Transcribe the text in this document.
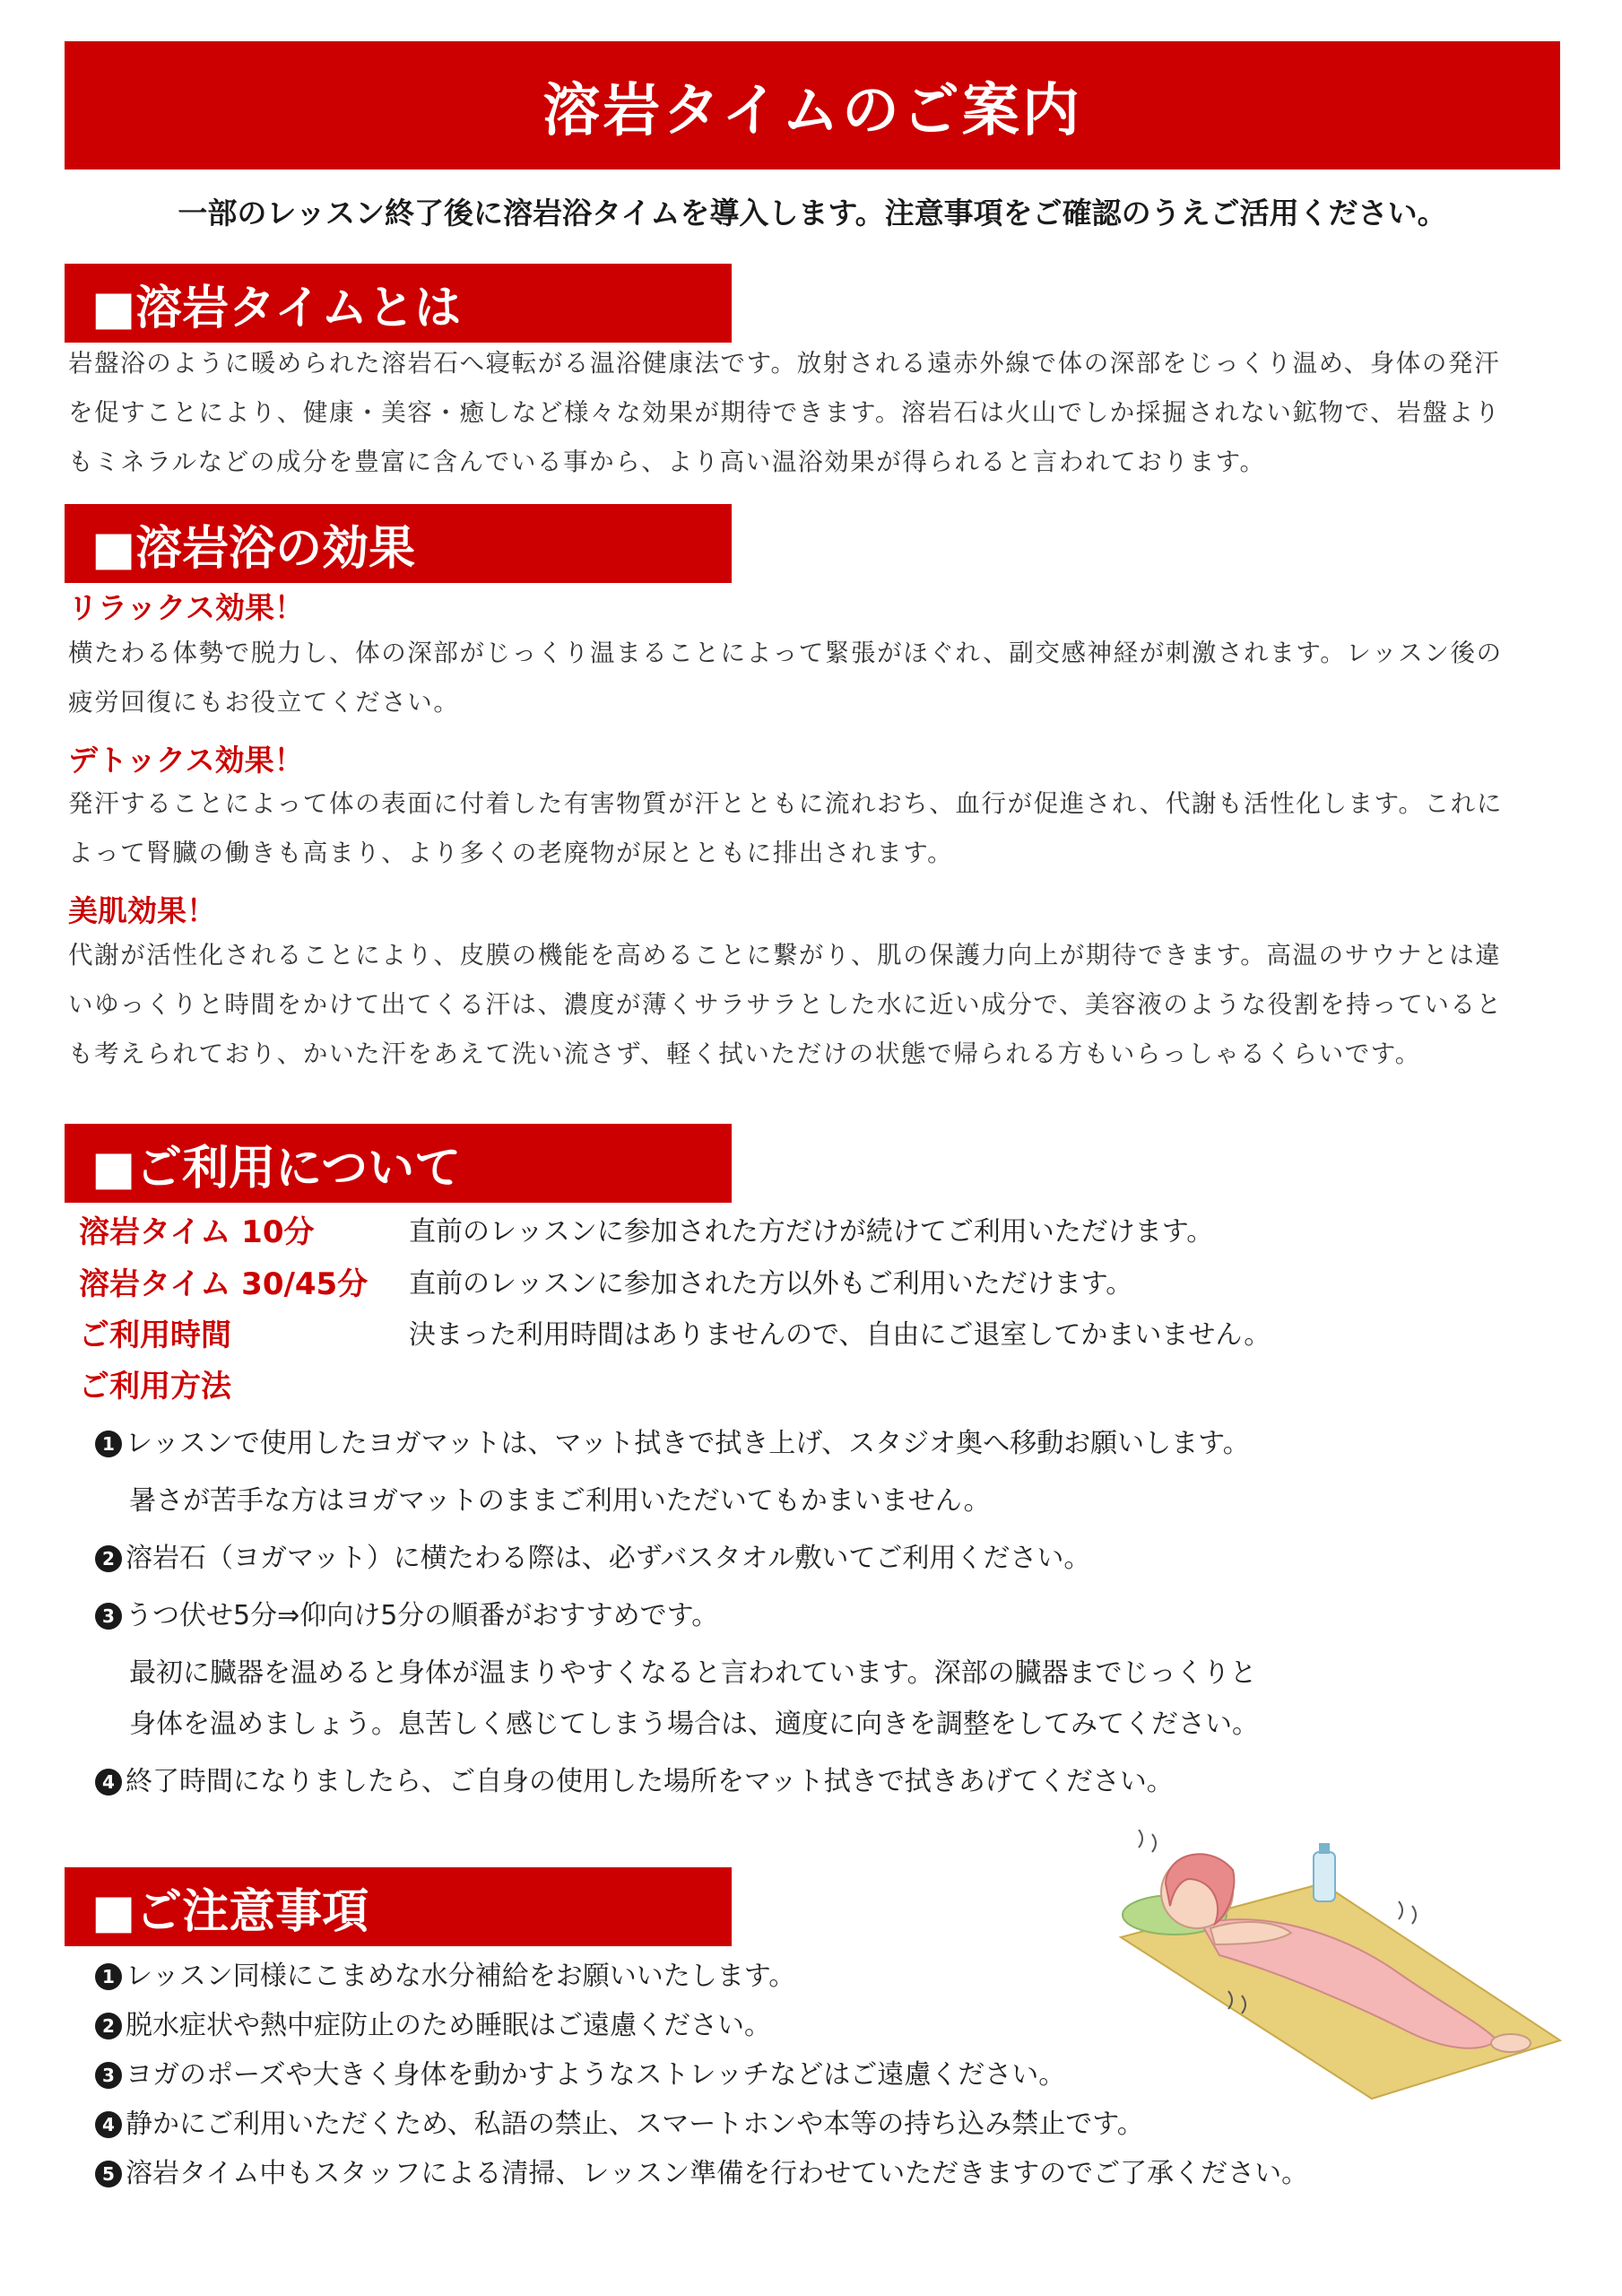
溶岩タイムのご案内
一部のレッスン終了後に溶岩浴タイムを導入します。注意事項をご確認のうえご活用ください。
■溶岩タイムとは

岩盤浴のように暖められた溶岩石へ寝転がる温浴健康法です。放射される遠赤外線で体の深部をじっくり温め、身体の発汗
を促すことにより、健康・美容・癒しなど様々な効果が期待できます。溶岩石は火山でしか採掘されない鉱物で、岩盤より
もミネラルなどの成分を豊富に含んでいる事から、より高い温浴効果が得られると言われております。

■溶岩浴の効果
リラックス効果！

横たわる体勢で脱力し、体の深部がじっくり温まることによって緊張がほぐれ、副交感神経が刺激されます。レッスン後の
疲労回復にもお役立てください。

デトックス効果！

発汗することによって体の表面に付着した有害物質が汗とともに流れおち、血行が促進され、代謝も活性化します。これに
よって腎臓の働きも高まり、より多くの老廃物が尿とともに排出されます。

美肌効果！

代謝が活性化されることにより、皮膜の機能を高めることに繋がり、肌の保護力向上が期待できます。高温のサウナとは違
いゆっくりと時間をかけて出てくる汗は、濃度が薄くサラサラとした水に近い成分で、美容液のような役割を持っていると
も考えられており、かいた汗をあえて洗い流さず、軽く拭いただけの状態で帰られる方もいらっしゃるくらいです。

■ご利用について
溶岩タイム 10分	直前のレッスンに参加された方だけが続けてご利用いただけます。
溶岩タイム 30/45分 直前のレッスンに参加された方以外もご利用いただけます。
ご利用時間	決まった利用時間はありませんので、自由にご退室してかまいません。
ご利用方法
1 レッスンで使用したヨガマットは、マット拭きで拭き上げ、スタジオ奥へ移動お願いします。
暑さが苦手な方はヨガマットのままご利用いただいてもかまいません。
2 溶岩石（ヨガマット）に横たわる際は、必ずバスタオル敷いてご利用ください。
3 うつ伏せ5分⇒仰向け5分の順番がおすすめです。
最初に臓器を温めると身体が温まりやすくなると言われています。深部の臓器までじっくりと
身体を温めましょう。息苦しく感じてしまう場合は、適度に向きを調整をしてみてください。
4 終了時間になりましたら、ご自身の使用した場所をマット拭きで拭きあげてください。
■ご注意事項
1 レッスン同様にこまめな水分補給をお願いいたします。
2 脱水症状や熱中症防止のため睡眠はご遠慮ください。
3 ヨガのポーズや大きく身体を動かすようなストレッチなどはご遠慮ください。
4 静かにご利用いただくため、私語の禁止、スマートホンや本等の持ち込み禁止です。
5 溶岩タイム中もスタッフによる清掃、レッスン準備を行わせていただきますのでご了承ください。
